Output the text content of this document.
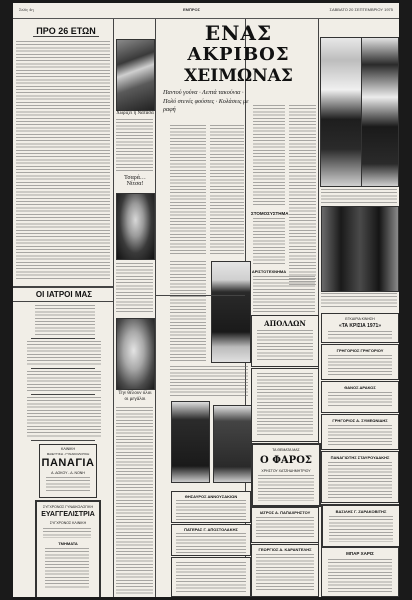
Σελίς 4η	ΕΜΠΡΟΣ	ΣΑΒΒΑΤΟ 20 ΣΕΠΤΕΜΒΡΙΟΥ 1975
ΠΡΟ 26 ΕΤΩΝ
ΟΙ ΙΑΤΡΟΙ ΜΑΣ
ΚΛΙΝΙΚΗ
ΜΑΙΕΥΤΙΚΗ - ΓΥΝΑΙΚΟΛΟΓΙΚΗ
ΠΑΝΑΓΙΑ
Α. ΔΟΚΟΥ - Δ. ΝΟΝΗ
ΣΥΓΧΡΟΝΟΣ ΓΥΝΑΙΚΟΛΟΓΙΚΗ
ΕΥΑΓΓΕΛΙΣΤΡΙΑ
ΣΥΓΧΡΟΝΟΣ ΚΛΙΝΙΚΗ
ΤΜΗΜΑΤΑ
Χωρίζει ή Νατάσα
Τσαρά… Νίτσα!
Την θέλουν όλοι οι μεγάλοι
ΕΝΑΣ
ΑΚΡΙΒΟΣ
ΧΕΙΜΩΝΑΣ
Παντού γούνα · Λεπτά τακούνια · Πολύ στενές φούστες · Κολάσεις με ραφή
ΣΤΟΜΟΣΥΣΤΗΜΑ
ΑΡΙΣΤΟΤΕΧΝΗΜΑ
ΑΠΟΛΛΩΝ
ΤΑ ΘΕΜΑΤΑ ΜΑΣ
Ο ΦΑΡΟΣ
ΧΡΗΣΤΟΥ ΧΑΤΖΗΔΗΜΗΤΡΙΟΥ
ΘΗΣΑΥΡΟΣ ΑΝΝΟΥΣΑΚΙΩΝ
ΠΑΤΕΡΑΣ Γ. ΑΠΟΣΤΟΛΑΚΗΣ
ΙΑΤΡΟΣ Α. ΠΑΠΑΧΡΗΣΤΟΥ
ΓΕΩΡΓΙΟΣ Α. ΚΑΡΑΝΤΕΛΗΣ
ΕΓΚΑΙΡΙΑ ΚΙΝΗΣΗ
«ΤΑ ΚΡΙΣΙΑ 1971»
ΓΡΗΓΟΡΙΟΣ ΓΡΗΓΟΡΙΟΥ
ΘΑΝΟΣ ΔΡΑΚΟΣ
ΓΡΗΓΟΡΙΟΣ Α. ΣΥΜΕΩΝΙΔΗΣ
ΠΑΝΑΓΙΩΤΗΣ ΣΤΑΥΡΟΥΔΑΚΗΣ
ΒΑΣΙΛΗΣ Γ. ΖΑΡΑΚΟΒΙΤΗΣ
ΜΠΑΡ ΧΑΡΙΣ
